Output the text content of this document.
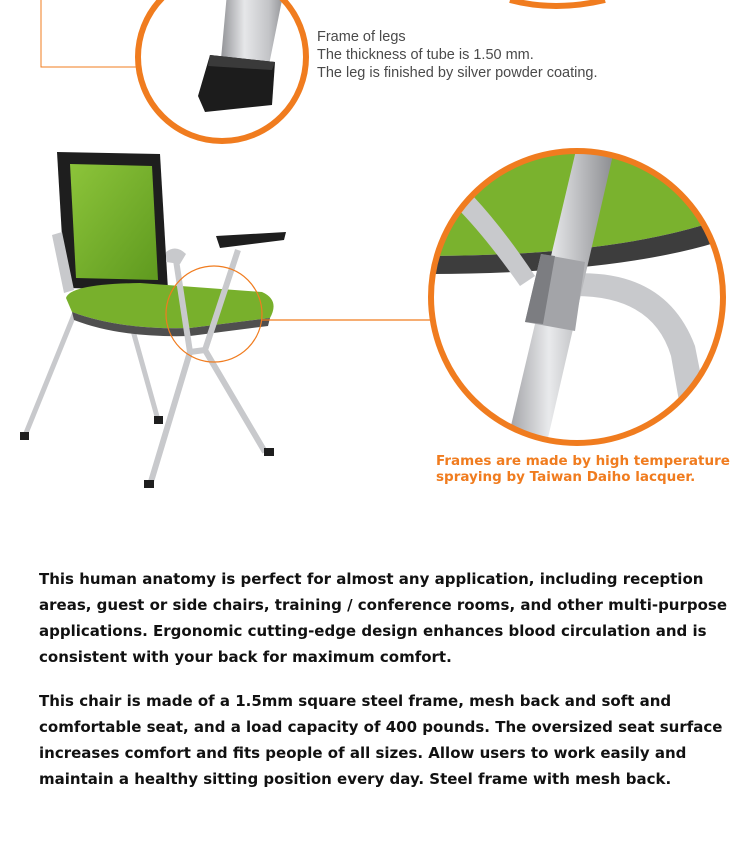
Frame of legs
The thickness of tube is 1.50 mm.
The leg is finished by silver powder coating.
Frames are made by high temperature
spraying by Taiwan Daiho lacquer.

This human anatomy is perfect for almost any application, including reception areas, guest or side chairs, training / conference rooms, and other multi-purpose applications. Ergonomic cutting-edge design enhances blood circulation and is consistent with your back for maximum comfort.

This chair is made of a 1.5mm square steel frame, mesh back and soft and comfortable seat, and a load capacity of 400 pounds. The oversized seat surface increases comfort and fits people of all sizes. Allow users to work easily and maintain a healthy sitting position every day. Steel frame with mesh back.
